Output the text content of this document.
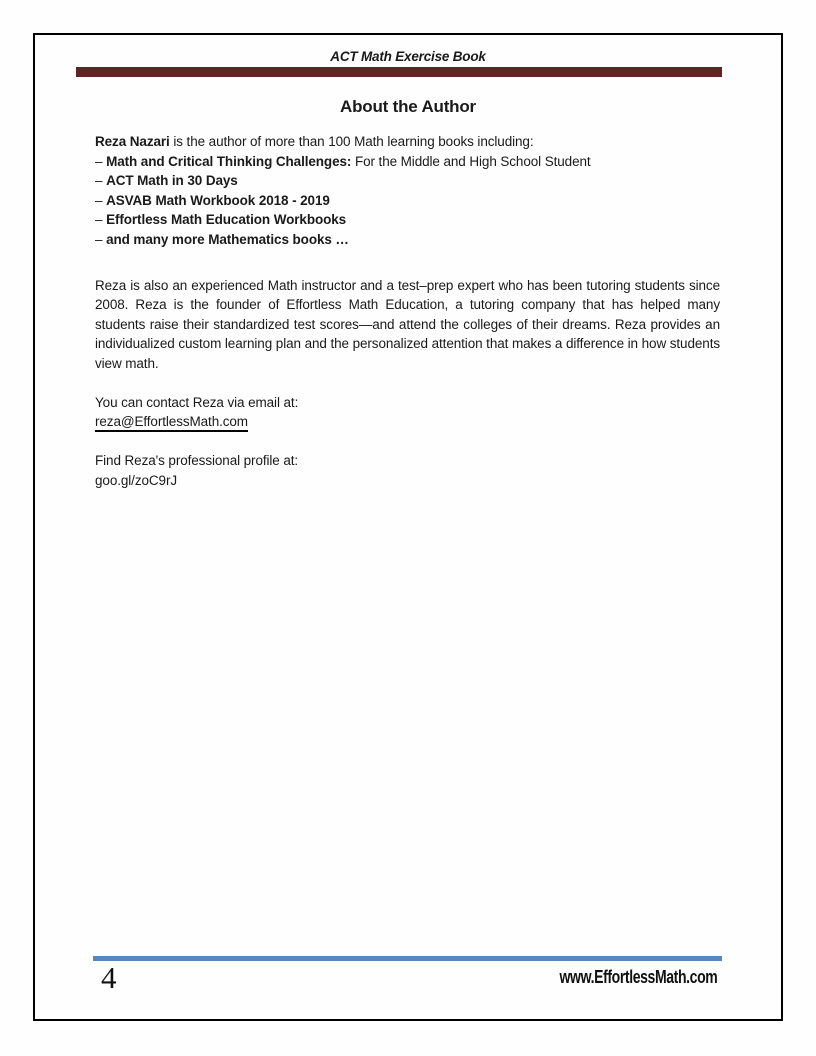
ACT Math Exercise Book
About the Author

Reza Nazari is the author of more than 100 Math learning books including:

– Math and Critical Thinking Challenges: For the Middle and High School Student

– ACT Math in 30 Days

– ASVAB Math Workbook 2018 - 2019

– Effortless Math Education Workbooks

– and many more Mathematics books …

Reza is also an experienced Math instructor and a test–prep expert who has been tutoring students since 2008. Reza is the founder of Effortless Math Education, a tutoring company that has helped many students raise their standardized test scores—and attend the colleges of their dreams. Reza provides an individualized custom learning plan and the personalized attention that makes a difference in how students view math.

You can contact Reza via email at:

reza@EffortlessMath.com

Find Reza's professional profile at:

goo.gl/zoC9rJ

4	www.EffortlessMath.com
